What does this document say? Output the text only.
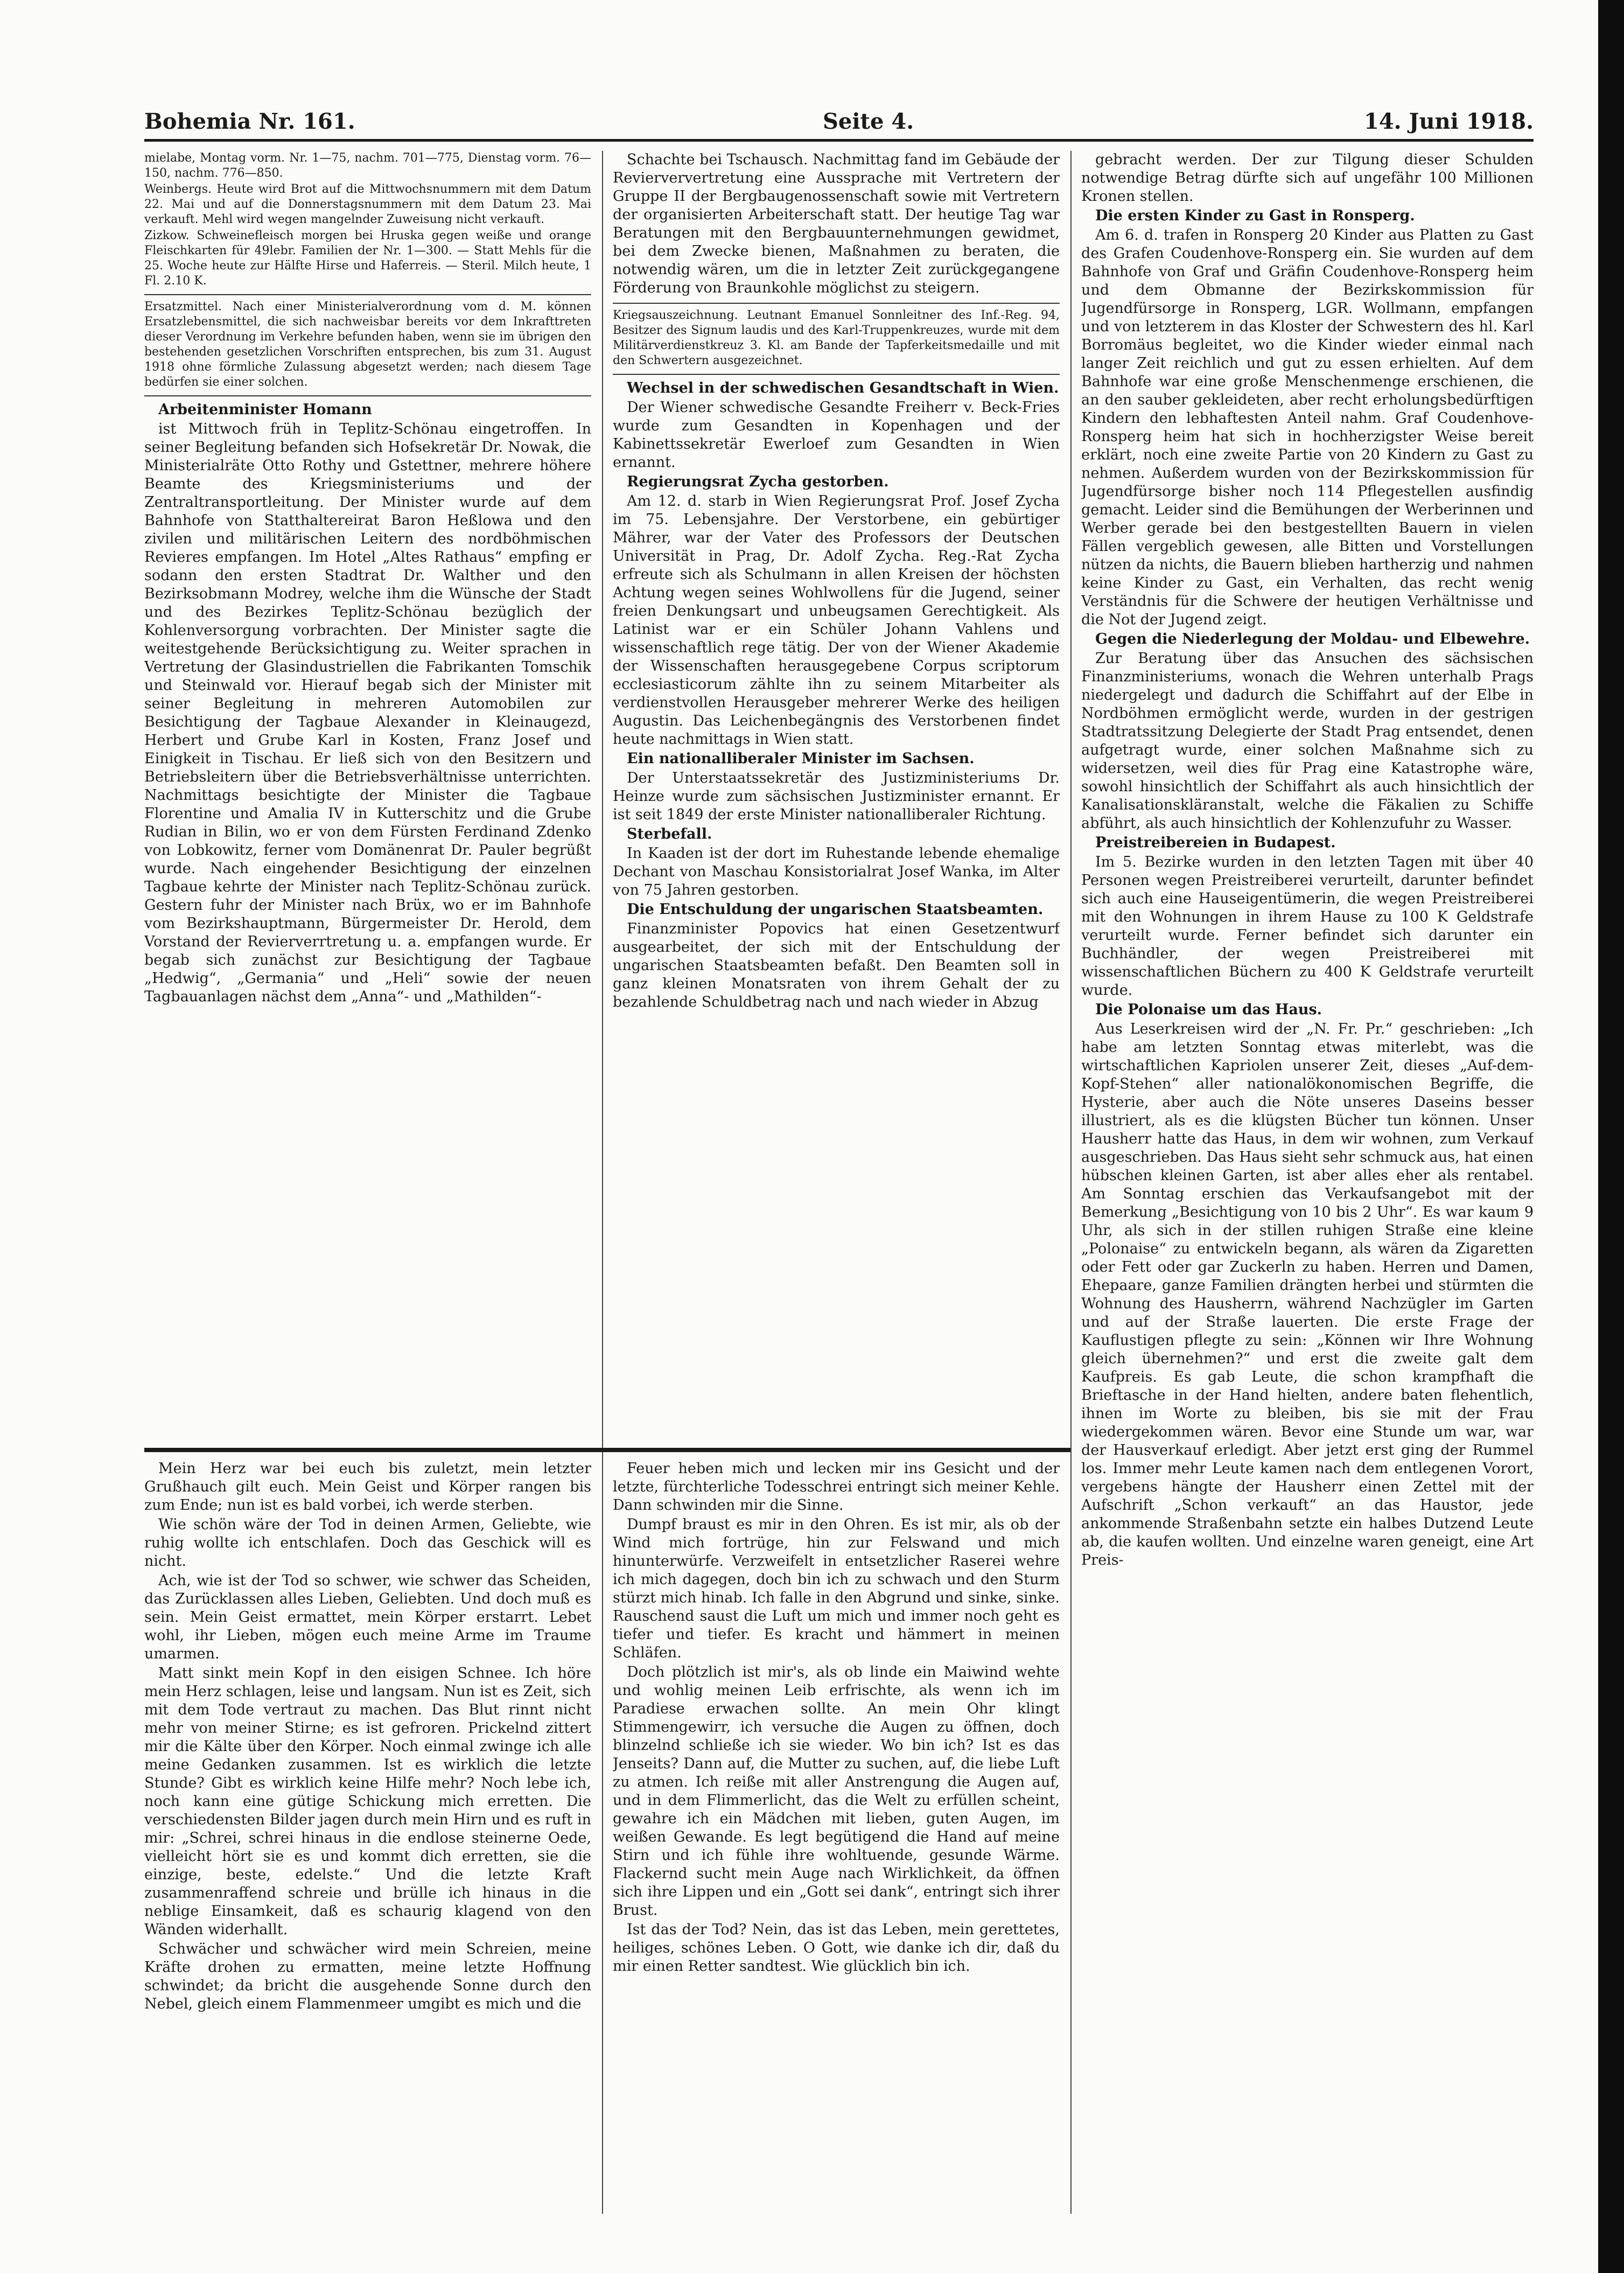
Bohemia Nr. 161.	Seite 4.	14. Juni 1918.

mielabe, Montag vorm. Nr. 1—75, nachm. 701—775, Dienstag vorm. 76—150, nachm. 776—850.

Weinbergs. Heute wird Brot auf die Mittwochsnummern mit dem Datum 22. Mai und auf die Donnerstagsnummern mit dem Datum 23. Mai verkauft. Mehl wird wegen mangelnder Zuweisung nicht verkauft.

Zizkow. Schweinefleisch morgen bei Hruska gegen weiße und orange Fleischkarten für 49lebr. Familien der Nr. 1—300. — Statt Mehls für die 25. Woche heute zur Hälfte Hirse und Haferreis. — Steril. Milch heute, 1 Fl. 2.10 K.

Ersatzmittel. Nach einer Ministerialverordnung vom d. M. können Ersatzlebensmittel, die sich nachweisbar bereits vor dem Inkrafttreten dieser Verordnung im Verkehre befunden haben, wenn sie im übrigen den bestehenden gesetzlichen Vorschriften entsprechen, bis zum 31. August 1918 ohne förmliche Zulassung abgesetzt werden; nach diesem Tage bedürfen sie einer solchen.

Arbeitenminister Homann

ist Mittwoch früh in Teplitz-Schönau eingetroffen. In seiner Begleitung befanden sich Hofsekretär Dr. Nowak, die Ministerialräte Otto Rothy und Gstettner, mehrere höhere Beamte des Kriegsministeriums und der Zentraltransportleitung. Der Minister wurde auf dem Bahnhofe von Statthaltereirat Baron Heßlowa und den zivilen und militärischen Leitern des nordböhmischen Revieres empfangen. Im Hotel „Altes Rathaus“ empfing er sodann den ersten Stadtrat Dr. Walther und den Bezirksobmann Modrey, welche ihm die Wünsche der Stadt und des Bezirkes Teplitz-Schönau bezüglich der Kohlenversorgung vorbrachten. Der Minister sagte die weitestgehende Berücksichtigung zu. Weiter sprachen in Vertretung der Glasindustriellen die Fabrikanten Tomschik und Steinwald vor. Hierauf begab sich der Minister mit seiner Begleitung in mehreren Automobilen zur Besichtigung der Tagbaue Alexander in Kleinaugezd, Herbert und Grube Karl in Kosten, Franz Josef und Einigkeit in Tischau. Er ließ sich von den Besitzern und Betriebsleitern über die Betriebsverhältnisse unterrichten. Nachmittags besichtigte der Minister die Tagbaue Florentine und Amalia IV in Kutterschitz und die Grube Rudian in Bilin, wo er von dem Fürsten Ferdinand Zdenko von Lobkowitz, ferner vom Domänenrat Dr. Pauler begrüßt wurde. Nach eingehender Besichtigung der einzelnen Tagbaue kehrte der Minister nach Teplitz-Schönau zurück. Gestern fuhr der Minister nach Brüx, wo er im Bahnhofe vom Bezirkshauptmann, Bürgermeister Dr. Herold, dem Vorstand der Revierverrtretung u. a. empfangen wurde. Er begab sich zunächst zur Besichtigung der Tagbaue „Hedwig“, „Germania“ und „Heli“ sowie der neuen Tagbauanlagen nächst dem „Anna“- und „Mathilden“-

Schachte bei Tschausch. Nachmittag fand im Gebäude der Revierververtretung eine Aussprache mit Vertretern der Gruppe II der Bergbaugenossenschaft sowie mit Vertretern der organisierten Arbeiterschaft statt. Der heutige Tag war Beratungen mit den Bergbauunternehmungen gewidmet, bei dem Zwecke bienen, Maßnahmen zu beraten, die notwendig wären, um die in letzter Zeit zurückgegangene Förderung von Braunkohle möglichst zu steigern.

Kriegsauszeichnung. Leutnant Emanuel Sonnleitner des Inf.-Reg. 94, Besitzer des Signum laudis und des Karl-Truppenkreuzes, wurde mit dem Militärverdienstkreuz 3. Kl. am Bande der Tapferkeitsmedaille und mit den Schwertern ausgezeichnet.

Wechsel in der schwedischen Gesandtschaft in Wien.

Der Wiener schwedische Gesandte Freiherr v. Beck-Fries wurde zum Gesandten in Kopenhagen und der Kabinettssekretär Ewerloef zum Gesandten in Wien ernannt.

Regierungsrat Zycha gestorben.

Am 12. d. starb in Wien Regierungsrat Prof. Josef Zycha im 75. Lebensjahre. Der Verstorbene, ein gebürtiger Mährer, war der Vater des Professors der Deutschen Universität in Prag, Dr. Adolf Zycha. Reg.-Rat Zycha erfreute sich als Schulmann in allen Kreisen der höchsten Achtung wegen seines Wohlwollens für die Jugend, seiner freien Denkungsart und unbeugsamen Gerechtigkeit. Als Latinist war er ein Schüler Johann Vahlens und wissenschaftlich rege tätig. Der von der Wiener Akademie der Wissenschaften herausgegebene Corpus scriptorum ecclesiasticorum zählte ihn zu seinem Mitarbeiter als verdienstvollen Herausgeber mehrerer Werke des heiligen Augustin. Das Leichenbegängnis des Verstorbenen findet heute nachmittags in Wien statt.

Ein nationalliberaler Minister im Sachsen.

Der Unterstaatssekretär des Justizministeriums Dr. Heinze wurde zum sächsischen Justizminister ernannt. Er ist seit 1849 der erste Minister nationalliberaler Richtung.

Sterbefall.

In Kaaden ist der dort im Ruhestande lebende ehemalige Dechant von Maschau Konsistorialrat Josef Wanka, im Alter von 75 Jahren gestorben.

Die Entschuldung der ungarischen Staatsbeamten.

Finanzminister Popovics hat einen Gesetzentwurf ausgearbeitet, der sich mit der Entschuldung der ungarischen Staatsbeamten befaßt. Den Beamten soll in ganz kleinen Monatsraten von ihrem Gehalt der zu bezahlende Schuldbetrag nach und nach wieder in Abzug

gebracht werden. Der zur Tilgung dieser Schulden notwendige Betrag dürfte sich auf ungefähr 100 Millionen Kronen stellen.

Die ersten Kinder zu Gast in Ronsperg.

Am 6. d. trafen in Ronsperg 20 Kinder aus Platten zu Gast des Grafen Coudenhove-Ronsperg ein. Sie wurden auf dem Bahnhofe von Graf und Gräfin Coudenhove-Ronsperg heim und dem Obmanne der Bezirkskommission für Jugendfürsorge in Ronsperg, LGR. Wollmann, empfangen und von letzterem in das Kloster der Schwestern des hl. Karl Borromäus begleitet, wo die Kinder wieder einmal nach langer Zeit reichlich und gut zu essen erhielten. Auf dem Bahnhofe war eine große Menschenmenge erschienen, die an den sauber gekleideten, aber recht erholungsbedürftigen Kindern den lebhaftesten Anteil nahm. Graf Coudenhove-Ronsperg heim hat sich in hochherzigster Weise bereit erklärt, noch eine zweite Partie von 20 Kindern zu Gast zu nehmen. Außerdem wurden von der Bezirkskommission für Jugendfürsorge bisher noch 114 Pflegestellen ausfindig gemacht. Leider sind die Bemühungen der Werberinnen und Werber gerade bei den bestgestellten Bauern in vielen Fällen vergeblich gewesen, alle Bitten und Vorstellungen nützen da nichts, die Bauern blieben hartherzig und nahmen keine Kinder zu Gast, ein Verhalten, das recht wenig Verständnis für die Schwere der heutigen Verhältnisse und die Not der Jugend zeigt.

Gegen die Niederlegung der Moldau- und Elbewehre.

Zur Beratung über das Ansuchen des sächsischen Finanzministeriums, wonach die Wehren unterhalb Prags niedergelegt und dadurch die Schiffahrt auf der Elbe in Nordböhmen ermöglicht werde, wurden in der gestrigen Stadtratssitzung Delegierte der Stadt Prag entsendet, denen aufgetragt wurde, einer solchen Maßnahme sich zu widersetzen, weil dies für Prag eine Katastrophe wäre, sowohl hinsichtlich der Schiffahrt als auch hinsichtlich der Kanalisationskläranstalt, welche die Fäkalien zu Schiffe abführt, als auch hinsichtlich der Kohlenzufuhr zu Wasser.

Preistreibereien in Budapest.

Im 5. Bezirke wurden in den letzten Tagen mit über 40 Personen wegen Preistreiberei verurteilt, darunter befindet sich auch eine Hauseigentümerin, die wegen Preistreiberei mit den Wohnungen in ihrem Hause zu 100 K Geldstrafe verurteilt wurde. Ferner befindet sich darunter ein Buchhändler, der wegen Preistreiberei mit wissenschaftlichen Büchern zu 400 K Geldstrafe verurteilt wurde.

Die Polonaise um das Haus.

Aus Leserkreisen wird der „N. Fr. Pr.“ geschrieben: „Ich habe am letzten Sonntag etwas miterlebt, was die wirtschaftlichen Kapriolen unserer Zeit, dieses „Auf-dem-Kopf-Stehen“ aller nationalökonomischen Begriffe, die Hysterie, aber auch die Nöte unseres Daseins besser illustriert, als es die klügsten Bücher tun können. Unser Hausherr hatte das Haus, in dem wir wohnen, zum Verkauf ausgeschrieben. Das Haus sieht sehr schmuck aus, hat einen hübschen kleinen Garten, ist aber alles eher als rentabel. Am Sonntag erschien das Verkaufsangebot mit der Bemerkung „Besichtigung von 10 bis 2 Uhr“. Es war kaum 9 Uhr, als sich in der stillen ruhigen Straße eine kleine „Polonaise“ zu entwickeln begann, als wären da Zigaretten oder Fett oder gar Zuckerln zu haben. Herren und Damen, Ehepaare, ganze Familien drängten herbei und stürmten die Wohnung des Hausherrn, während Nachzügler im Garten und auf der Straße lauerten. Die erste Frage der Kauflustigen pflegte zu sein: „Können wir Ihre Wohnung gleich übernehmen?“ und erst die zweite galt dem Kaufpreis. Es gab Leute, die schon krampfhaft die Brieftasche in der Hand hielten, andere baten flehentlich, ihnen im Worte zu bleiben, bis sie mit der Frau wiedergekommen wären. Bevor eine Stunde um war, war der Hausverkauf erledigt. Aber jetzt erst ging der Rummel los. Immer mehr Leute kamen nach dem entlegenen Vorort, vergebens hängte der Hausherr einen Zettel mit der Aufschrift „Schon verkauft“ an das Haustor, jede ankommende Straßenbahn setzte ein halbes Dutzend Leute ab, die kaufen wollten. Und einzelne waren geneigt, eine Art Preis-

Mein Herz war bei euch bis zuletzt, mein letzter Grußhauch gilt euch. Mein Geist und Körper rangen bis zum Ende; nun ist es bald vorbei, ich werde sterben.

Wie schön wäre der Tod in deinen Armen, Geliebte, wie ruhig wollte ich entschlafen. Doch das Geschick will es nicht.

Ach, wie ist der Tod so schwer, wie schwer das Scheiden, das Zurücklassen alles Lieben, Geliebten. Und doch muß es sein. Mein Geist ermattet, mein Körper erstarrt. Lebet wohl, ihr Lieben, mögen euch meine Arme im Traume umarmen.

Matt sinkt mein Kopf in den eisigen Schnee. Ich höre mein Herz schlagen, leise und langsam. Nun ist es Zeit, sich mit dem Tode vertraut zu machen. Das Blut rinnt nicht mehr von meiner Stirne; es ist gefroren. Prickelnd zittert mir die Kälte über den Körper. Noch einmal zwinge ich alle meine Gedanken zusammen. Ist es wirklich die letzte Stunde? Gibt es wirklich keine Hilfe mehr? Noch lebe ich, noch kann eine gütige Schickung mich erretten. Die verschiedensten Bilder jagen durch mein Hirn und es ruft in mir: „Schrei, schrei hinaus in die endlose steinerne Oede, vielleicht hört sie es und kommt dich erretten, sie die einzige, beste, edelste.“ Und die letzte Kraft zusammenraffend schreie und brülle ich hinaus in die neblige Einsamkeit, daß es schaurig klagend von den Wänden widerhallt.

Schwächer und schwächer wird mein Schreien, meine Kräfte drohen zu ermatten, meine letzte Hoffnung schwindet; da bricht die ausgehende Sonne durch den Nebel, gleich einem Flammenmeer umgibt es mich und die

Feuer heben mich und lecken mir ins Gesicht und der letzte, fürchterliche Todesschrei entringt sich meiner Kehle. Dann schwinden mir die Sinne.

Dumpf braust es mir in den Ohren. Es ist mir, als ob der Wind mich fortrüge, hin zur Felswand und mich hinunterwürfe. Verzweifelt in entsetzlicher Raserei wehre ich mich dagegen, doch bin ich zu schwach und den Sturm stürzt mich hinab. Ich falle in den Abgrund und sinke, sinke. Rauschend saust die Luft um mich und immer noch geht es tiefer und tiefer. Es kracht und hämmert in meinen Schläfen.

Doch plötzlich ist mir's, als ob linde ein Maiwind wehte und wohlig meinen Leib erfrischte, als wenn ich im Paradiese erwachen sollte. An mein Ohr klingt Stimmengewirr, ich versuche die Augen zu öffnen, doch blinzelnd schließe ich sie wieder. Wo bin ich? Ist es das Jenseits? Dann auf, die Mutter zu suchen, auf, die liebe Luft zu atmen. Ich reiße mit aller Anstrengung die Augen auf, und in dem Flimmerlicht, das die Welt zu erfüllen scheint, gewahre ich ein Mädchen mit lieben, guten Augen, im weißen Gewande. Es legt begütigend die Hand auf meine Stirn und ich fühle ihre wohltuende, gesunde Wärme. Flackernd sucht mein Auge nach Wirklichkeit, da öffnen sich ihre Lippen und ein „Gott sei dank“, entringt sich ihrer Brust.

Ist das der Tod? Nein, das ist das Leben, mein gerettetes, heiliges, schönes Leben. O Gott, wie danke ich dir, daß du mir einen Retter sandtest. Wie glücklich bin ich.
